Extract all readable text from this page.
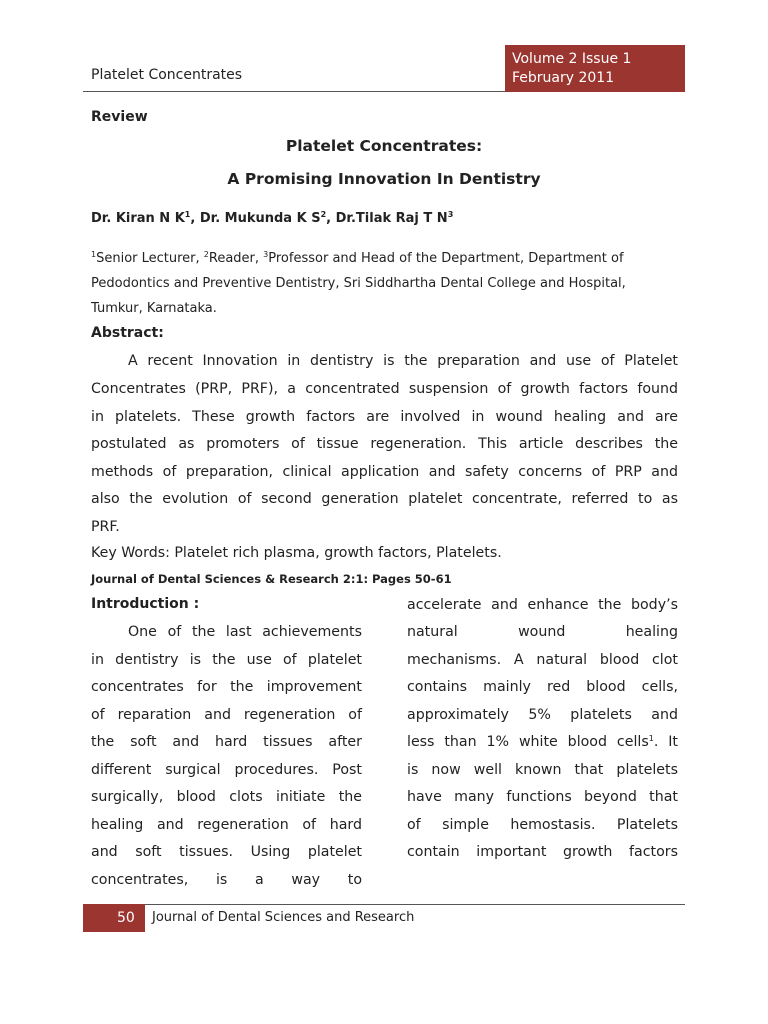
Platelet Concentrates
Volume 2 Issue 1
February 2011
Review
Platelet Concentrates:
A Promising Innovation In Dentistry
Dr. Kiran N $K^1$, Dr. Mukunda K $S^2$, Dr.Tilak Raj T $N^3$
$^1$Senior Lecturer, $^2$Reader, $^3$Professor and Head of the Department, Department of
Pedodontics and Preventive Dentistry, Sri Siddhartha Dental College and Hospital,
Tumkur, Karnataka.
Abstract:
A recent Innovation in dentistry is the preparation and use of Platelet
Concentrates (PRP, PRF), a concentrated suspension of growth factors found
in platelets. These growth factors are involved in wound healing and are
postulated as promoters of tissue regeneration. This article describes the
methods of preparation, clinical application and safety concerns of PRP and
also the evolution of second generation platelet concentrate, referred to as
PRF.
Key Words: Platelet rich plasma, growth factors, Platelets.
Journal of Dental Sciences & Research 2:1: Pages 50-61
Introduction :
One of the last achievements
in dentistry is the use of platelet
concentrates for the improvement
of reparation and regeneration of
the soft and hard tissues after
different surgical procedures. Post
surgically, blood clots initiate the
healing and regeneration of hard
and soft tissues. Using platelet
concentrates, is a way to
accelerate and enhance the body’s
natural wound healing
mechanisms. A natural blood clot
contains mainly red blood cells,
approximately 5% platelets and
less than 1% white blood cells$^1$. It
is now well known that platelets
have many functions beyond that
of simple hemostasis. Platelets
contain important growth factors
50	Journal of Dental Sciences and Research
